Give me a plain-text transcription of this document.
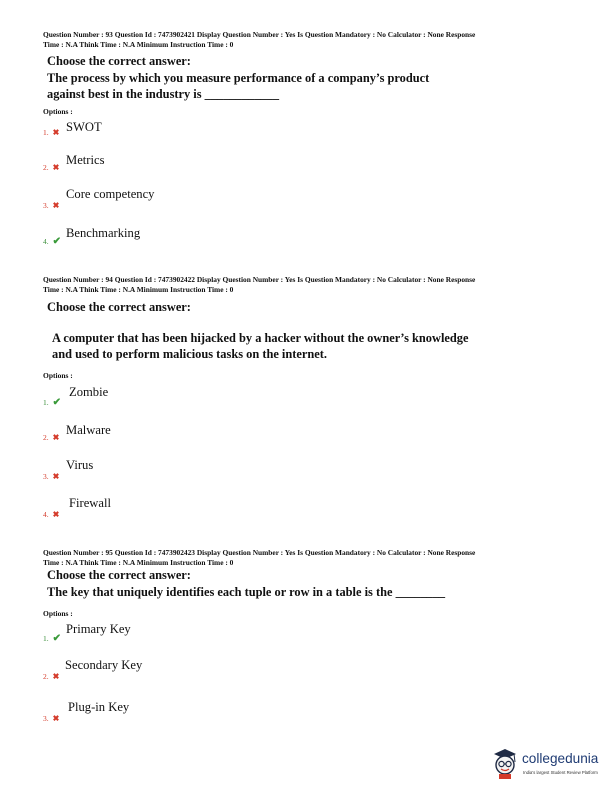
Question Number : 93 Question Id : 7473902421 Display Question Number : Yes Is Question Mandatory : No Calculator : None Response
Time : N.A Think Time : N.A Minimum Instruction Time : 0
Choose the correct answer:
The process by which you measure performance of a company’s product
against best in the industry is ____________
Options :
1. ✖ SWOT
2. ✖
Metrics
3. ✖
Core competency
4. ✔
Benchmarking
Question Number : 94 Question Id : 7473902422 Display Question Number : Yes Is Question Mandatory : No Calculator : None Response
Time : N.A Think Time : N.A Minimum Instruction Time : 0
Choose the correct answer:
A computer that has been hijacked by a hacker without the owner’s knowledge
and used to perform malicious tasks on the internet.
Options :
1. ✔
Zombie
2. ✖
Malware
3. ✖
Virus
4. ✖
Firewall
Question Number : 95 Question Id : 7473902423 Display Question Number : Yes Is Question Mandatory : No Calculator : None Response
Time : N.A Think Time : N.A Minimum Instruction Time : 0
Choose the correct answer:
The key that uniquely identifies each tuple or row in a table is the ________
Options :
1. ✔
Primary Key
2. ✖
Secondary Key
3. ✖
Plug-in Key
collegedunia
India's largest Student Review Platform
